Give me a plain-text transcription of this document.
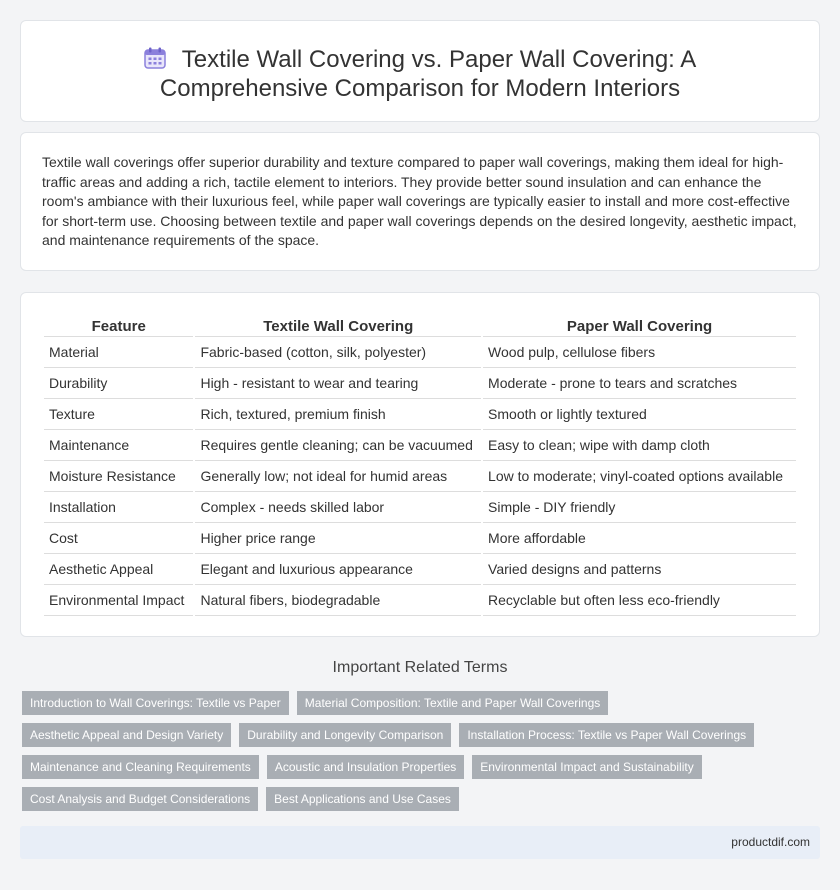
Textile Wall Covering vs. Paper Wall Covering: A Comprehensive Comparison for Modern Interiors

Textile wall coverings offer superior durability and texture compared to paper wall coverings, making them ideal for high-traffic areas and adding a rich, tactile element to interiors. They provide better sound insulation and can enhance the room's ambiance with their luxurious feel, while paper wall coverings are typically easier to install and more cost-effective for short-term use. Choosing between textile and paper wall coverings depends on the desired longevity, aesthetic impact, and maintenance requirements of the space.

Feature	Textile Wall Covering	Paper Wall Covering
Material	Fabric-based (cotton, silk, polyester)	Wood pulp, cellulose fibers
Durability	High - resistant to wear and tearing	Moderate - prone to tears and scratches
Texture	Rich, textured, premium finish	Smooth or lightly textured
Maintenance	Requires gentle cleaning; can be vacuumed	Easy to clean; wipe with damp cloth
Moisture Resistance	Generally low; not ideal for humid areas	Low to moderate; vinyl-coated options available
Installation	Complex - needs skilled labor	Simple - DIY friendly
Cost	Higher price range	More affordable
Aesthetic Appeal	Elegant and luxurious appearance	Varied designs and patterns
Environmental Impact	Natural fibers, biodegradable	Recyclable but often less eco-friendly
Important Related Terms
Introduction to Wall Coverings: Textile vs Paper	Material Composition: Textile and Paper Wall Coverings
Aesthetic Appeal and Design Variety	Durability and Longevity Comparison	Installation Process: Textile vs Paper Wall Coverings
Maintenance and Cleaning Requirements	Acoustic and Insulation Properties	Environmental Impact and Sustainability
Cost Analysis and Budget Considerations	Best Applications and Use Cases
productdif.com
